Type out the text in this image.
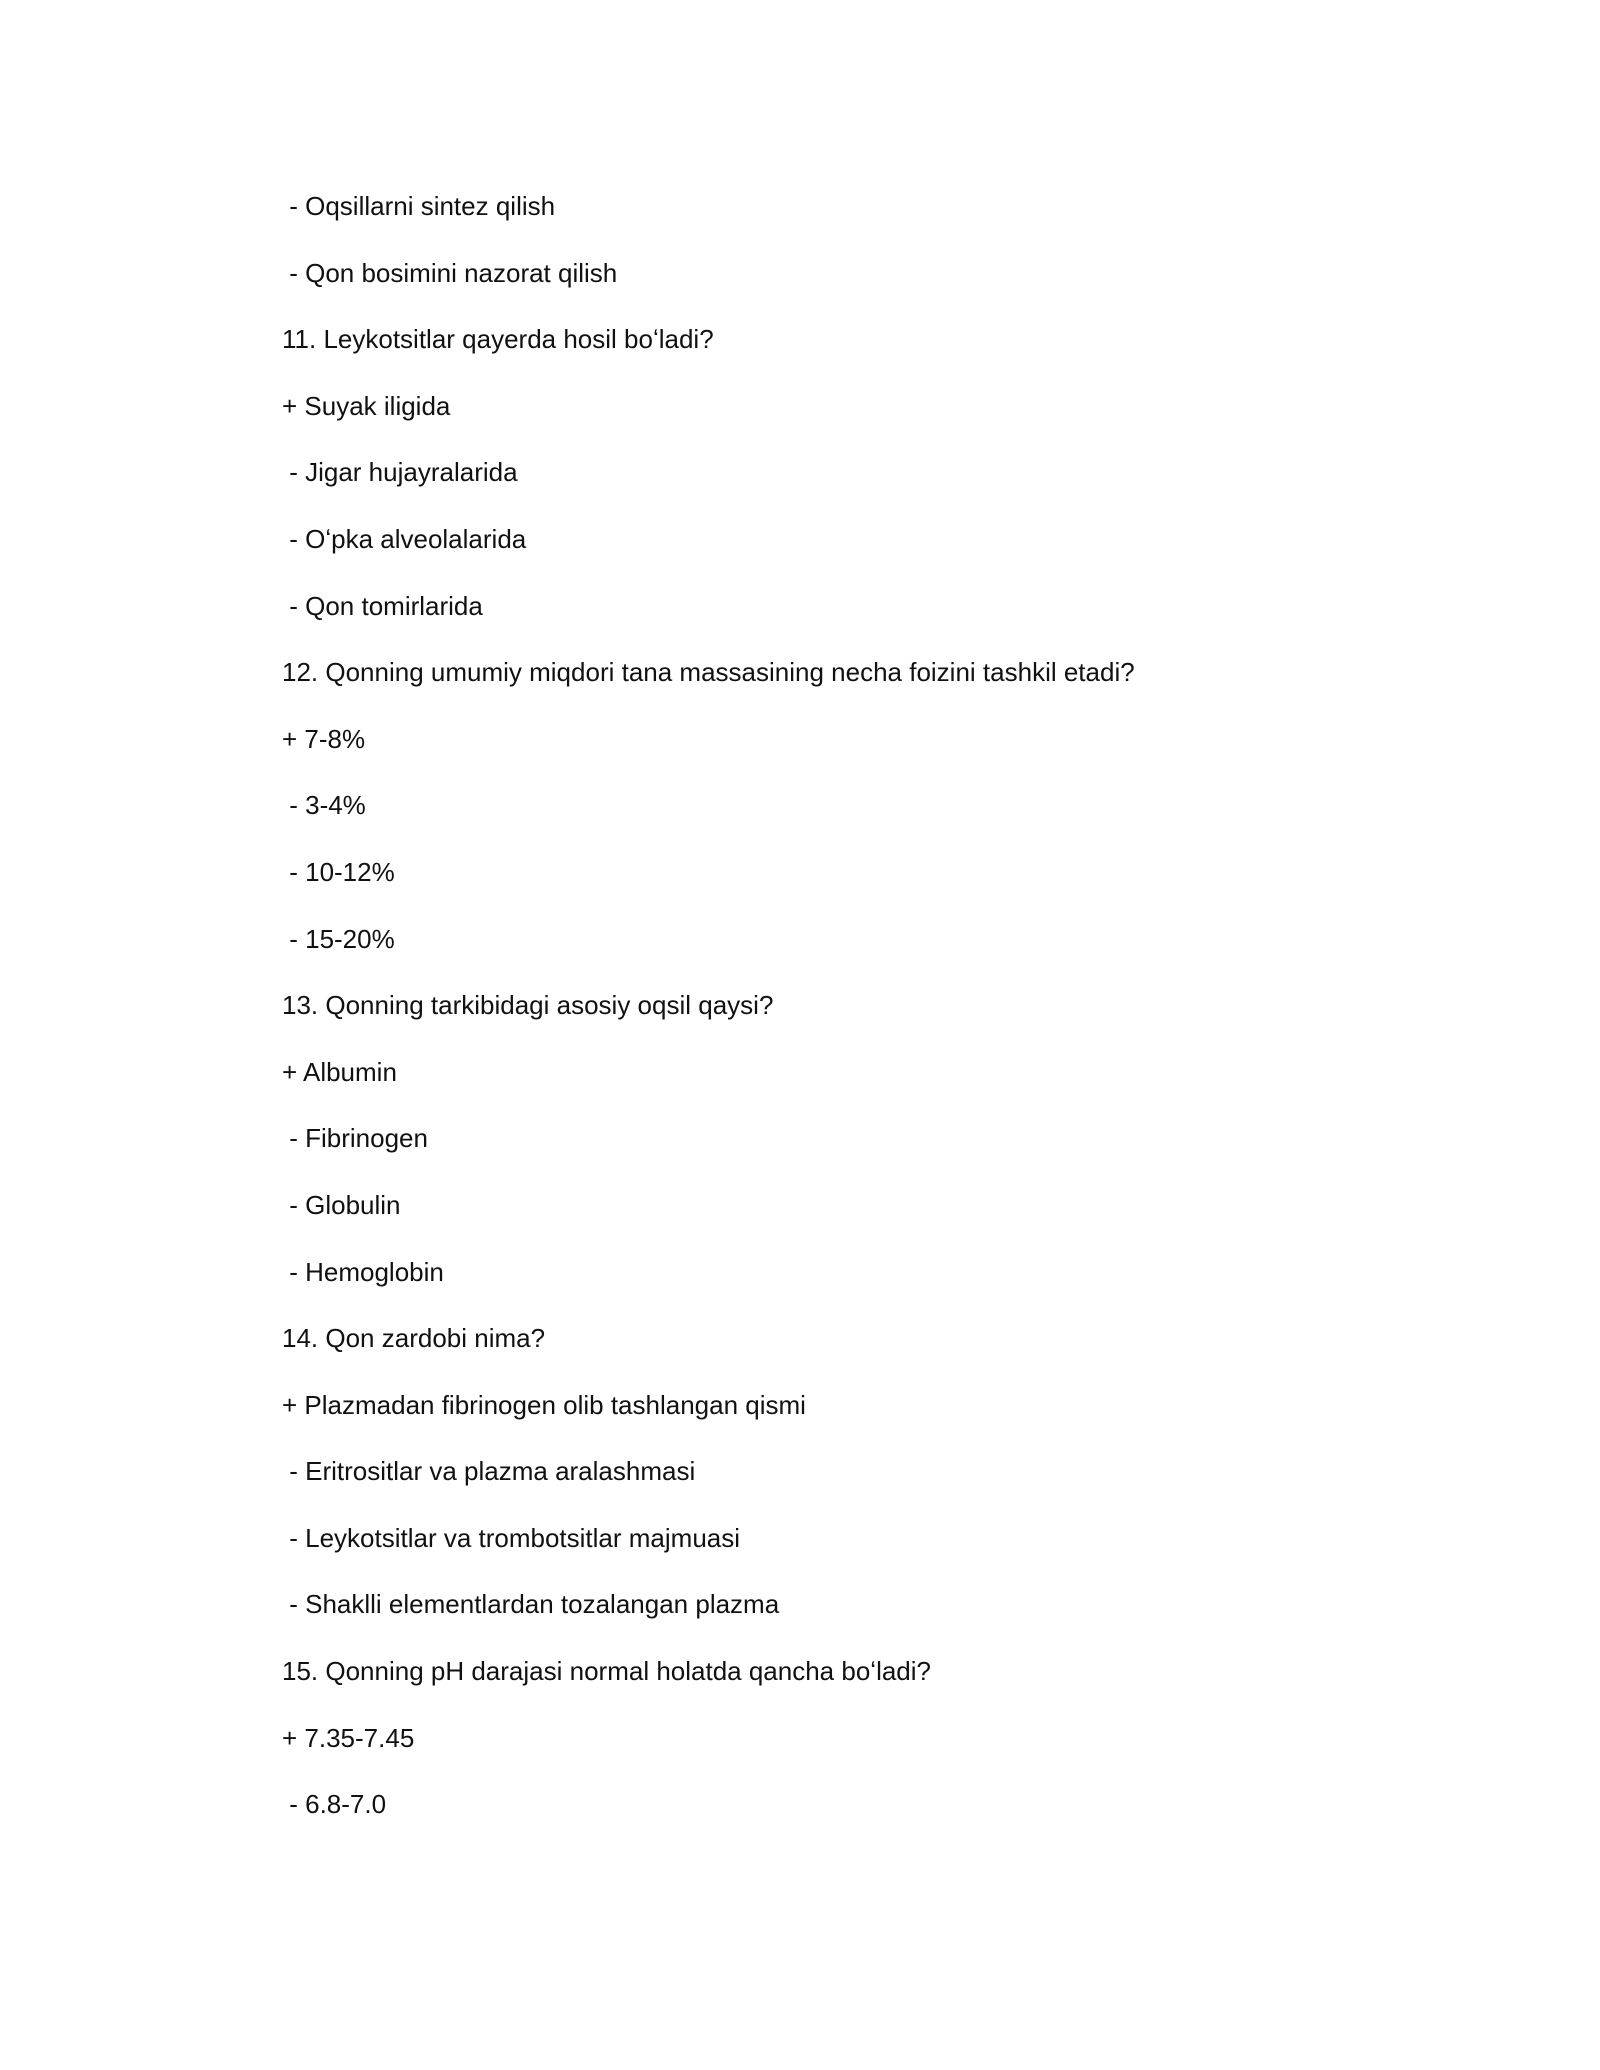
- Oqsillarni sintez qilish
- Qon bosimini nazorat qilish
11. Leykotsitlar qayerda hosil boʻladi?
+ Suyak iligida
- Jigar hujayralarida
- Oʻpka alveolalarida
- Qon tomirlarida
12. Qonning umumiy miqdori tana massasining necha foizini tashkil etadi?
+ 7-8%
- 3-4%
- 10-12%
- 15-20%
13. Qonning tarkibidagi asosiy oqsil qaysi?
+ Albumin
- Fibrinogen
- Globulin
- Hemoglobin
14. Qon zardobi nima?
+ Plazmadan fibrinogen olib tashlangan qismi
- Eritrositlar va plazma aralashmasi
- Leykotsitlar va trombotsitlar majmuasi
- Shaklli elementlardan tozalangan plazma
15. Qonning pH darajasi normal holatda qancha boʻladi?
+ 7.35-7.45
- 6.8-7.0
